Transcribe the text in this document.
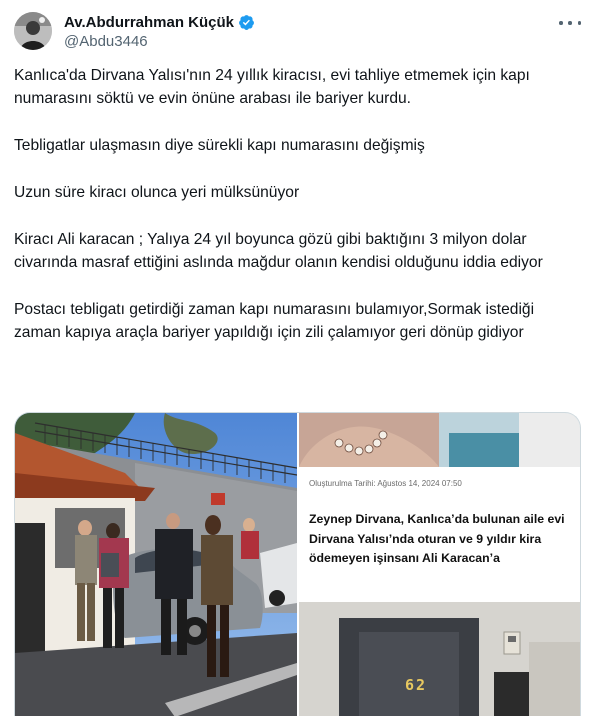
Av.Abdurrahman Küçük
@Abdu3446
Kanlıca'da Dirvana Yalısı'nın 24 yıllık kiracısı, evi tahliye etmemek için kapı numarasını söktü ve evin önüne arabası ile bariyer kurdu.
Tebligatlar ulaşmasın diye sürekli kapı numarasını değişmiş
Uzun süre kiracı olunca yeri mülksünüyor
Kiracı Ali karacan ; Yalıya 24 yıl boyunca gözü gibi baktığını 3 milyon dolar civarında masraf ettiğini aslında mağdur olanın kendisi olduğunu iddia ediyor
Postacı tebligatı getirdiği zaman kapı numarasını bulamıyor,Sormak istediği zaman kapıya araçla bariyer yapıldığı için zili çalamıyor geri dönüp gidiyor
Oluşturulma Tarihi: Ağustos 14, 2024 07:50
Zeynep Dirvana, Kanlıca’da bulunan aile evi Dirvana Yalısı’nda oturan ve 9 yıldır kira ödemeyen işinsanı Ali Karacan’a
62
